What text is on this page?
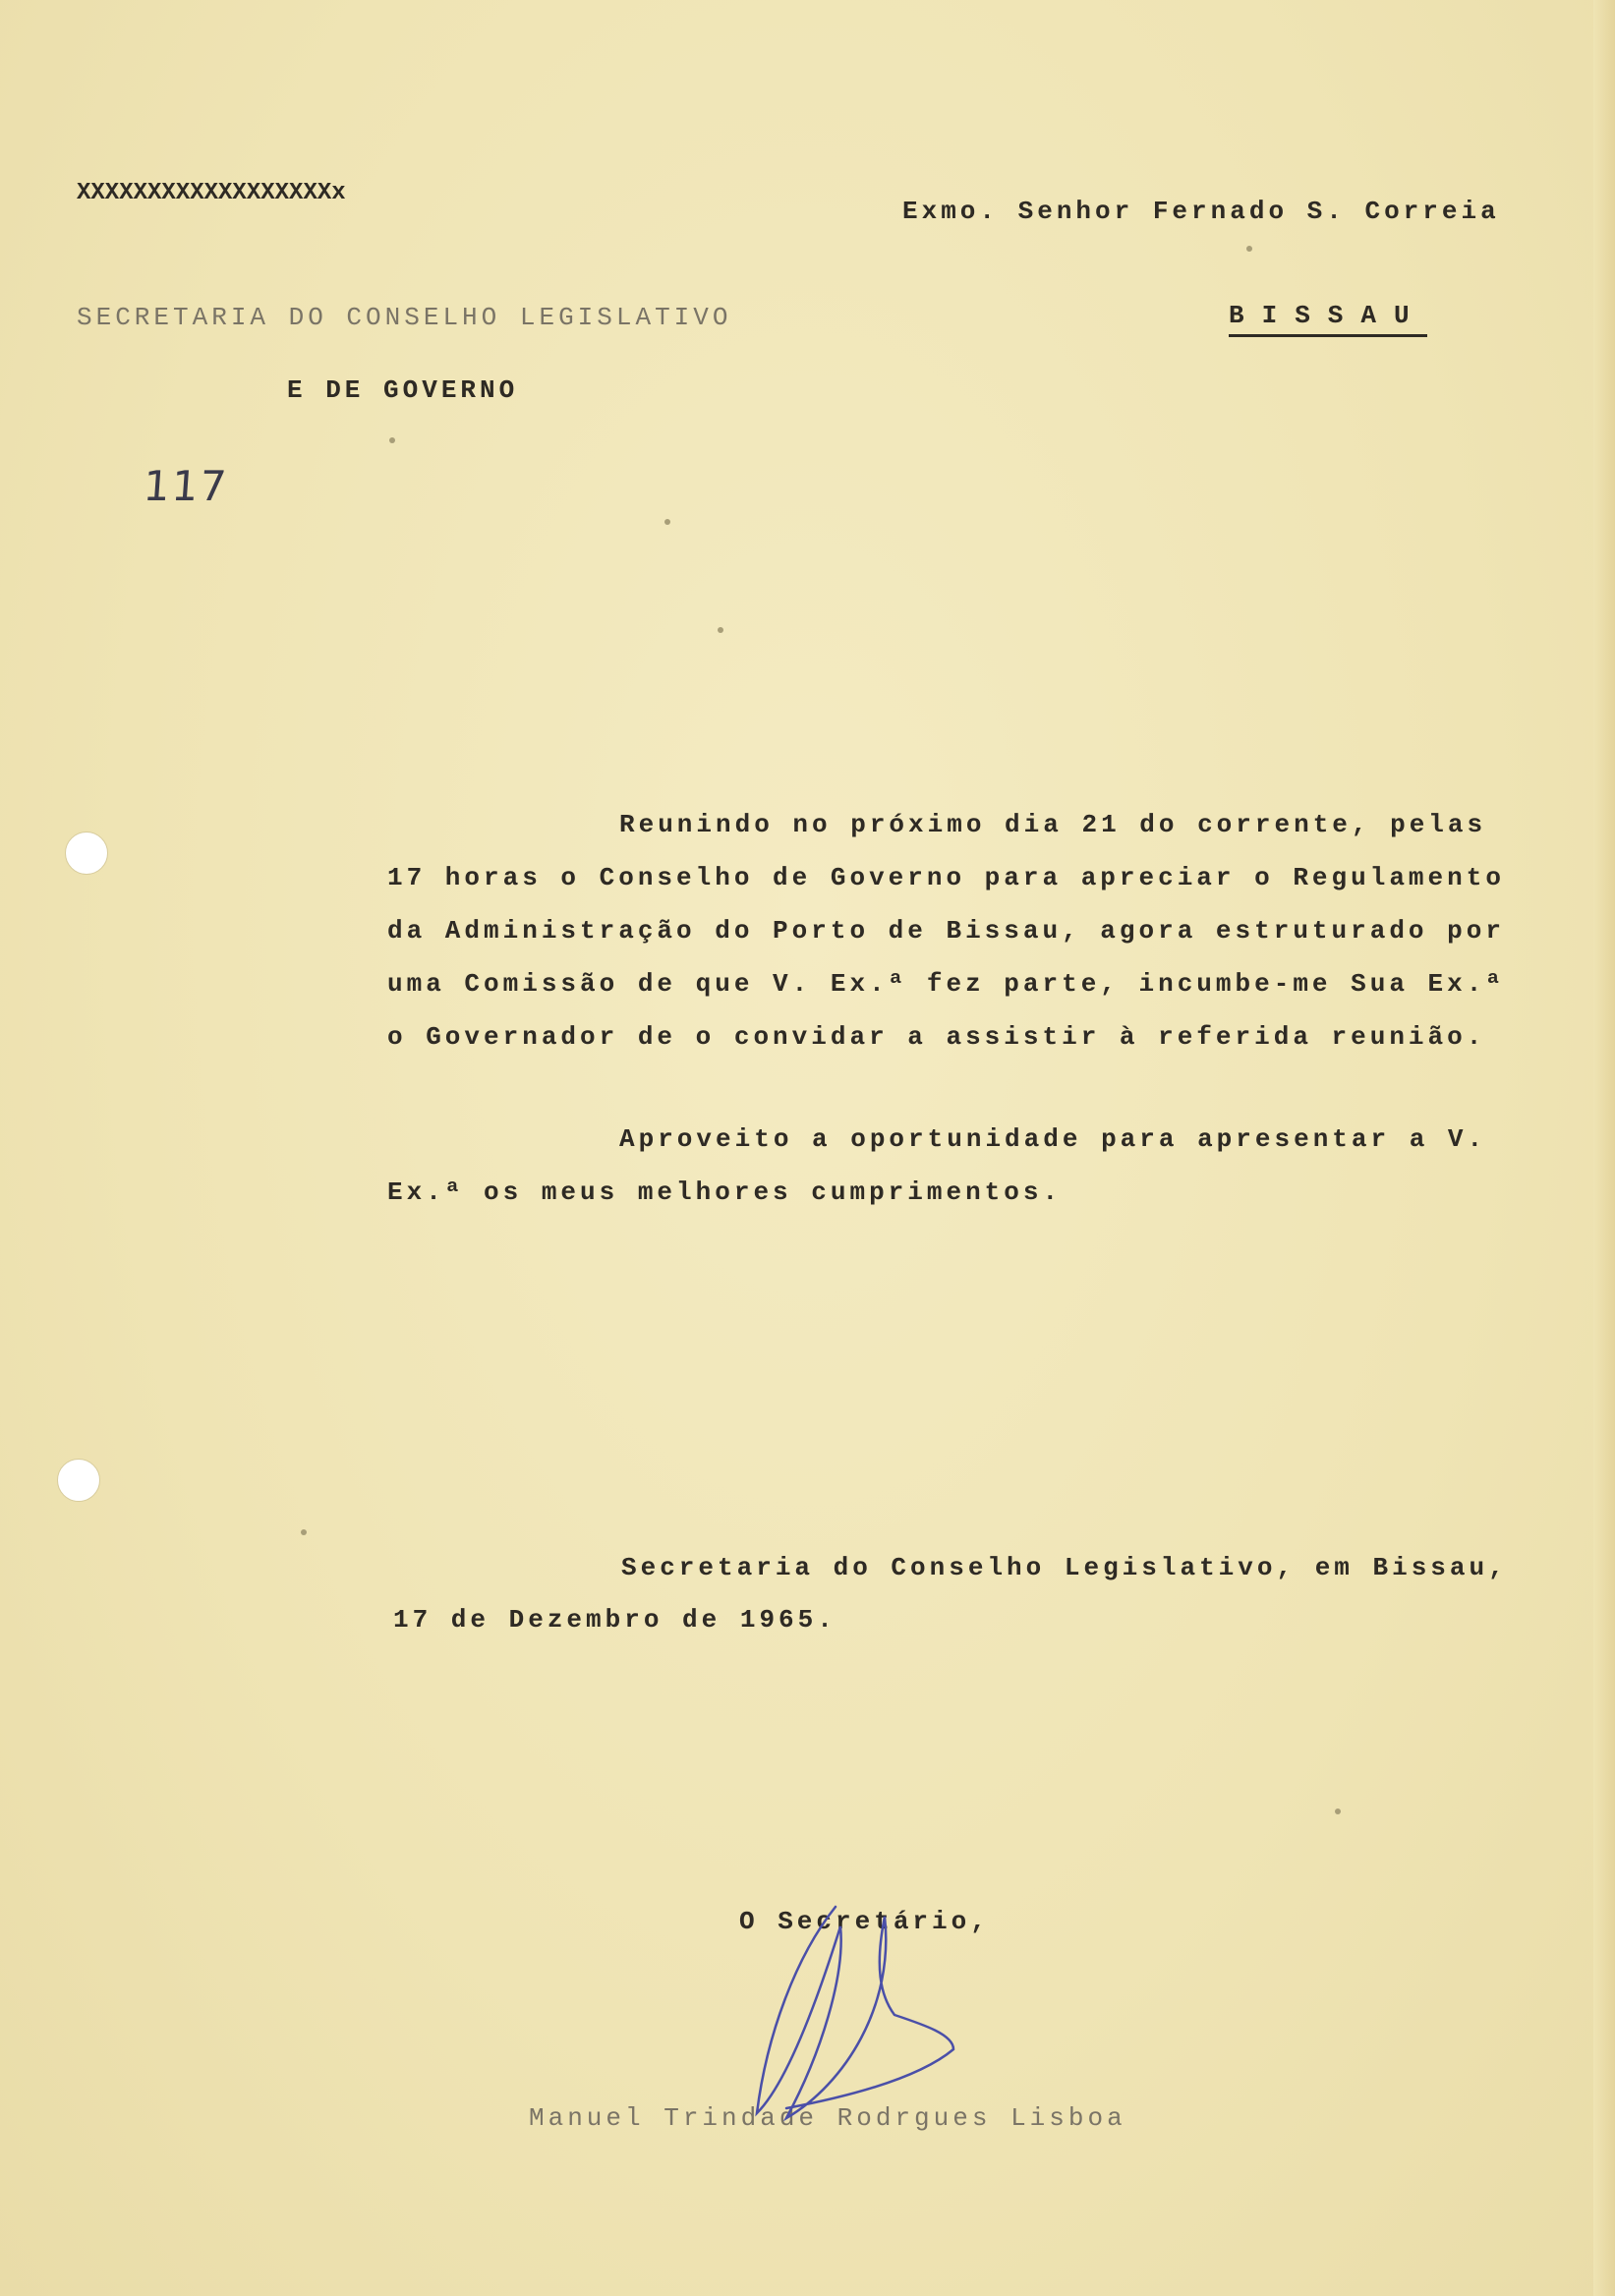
XXXXXXXXXXXXXXXXXXx
Exmo. Senhor Fernado S. Correia
SECRETARIA DO CONSELHO LEGISLATIVO
E DE GOVERNO
BISSAU
117
Reunindo no próximo dia 21 do corrente, pelas
17 horas o Conselho de Governo para apreciar o Regulamento
da Administração do Porto de Bissau, agora estruturado por
uma Comissão de que V. Ex.ª fez parte, incumbe-me Sua Ex.ª
o Governador de o convidar a assistir à referida reunião.
Aproveito a oportunidade para apresentar a V.
Ex.ª os meus melhores cumprimentos.
Secretaria do Conselho Legislativo, em Bissau,
17 de Dezembro de 1965.
O Secretário,
Manuel Trindade Rodrgues Lisboa
